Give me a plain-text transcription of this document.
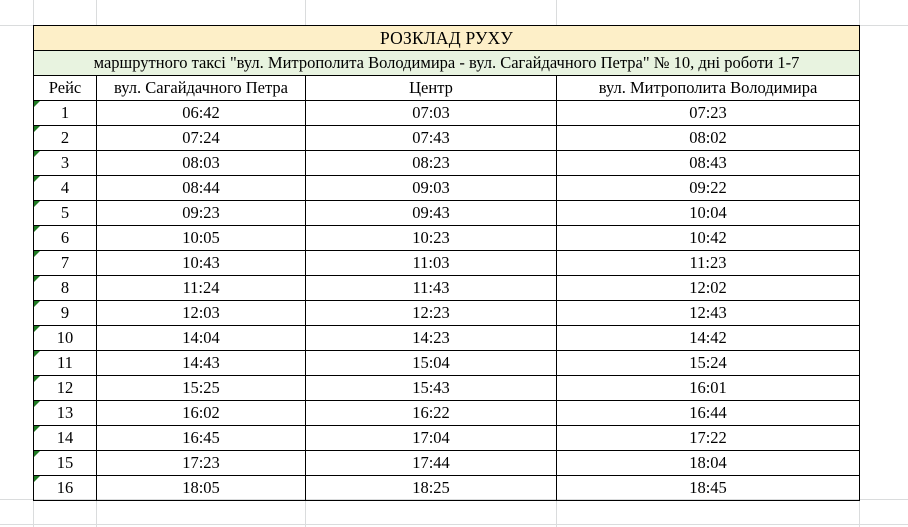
РОЗКЛАД РУХУ			
маршрутного таксі "вул. Митрополита Володимира - вул. Сагайдачного Петра" № 10, дні роботи 1-7			
Рейс	вул. Сагайдачного Петра	Центр	вул. Митрополита Володимира
1	06:42	07:03	07:23
2	07:24	07:43	08:02
3	08:03	08:23	08:43
4	08:44	09:03	09:22
5	09:23	09:43	10:04
6	10:05	10:23	10:42
7	10:43	11:03	11:23
8	11:24	11:43	12:02
9	12:03	12:23	12:43
10	14:04	14:23	14:42
11	14:43	15:04	15:24
12	15:25	15:43	16:01
13	16:02	16:22	16:44
14	16:45	17:04	17:22
15	17:23	17:44	18:04
16	18:05	18:25	18:45
